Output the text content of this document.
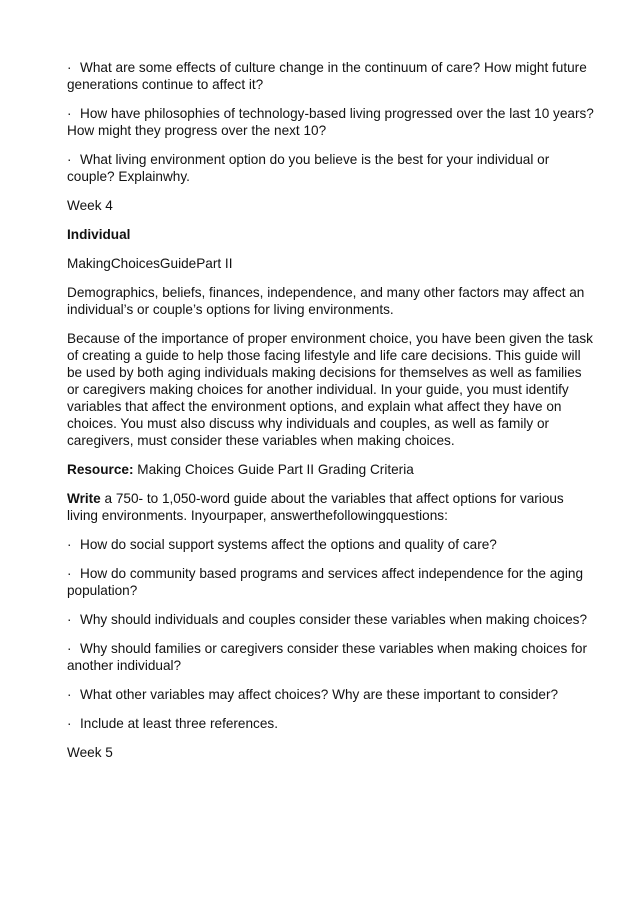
· What are some effects of culture change in the continuum of care? How might future generations continue to affect it?

· How have philosophies of technology-based living progressed over the last 10 years? How might they progress over the next 10?

· What living environment option do you believe is the best for your individual or couple? Explainwhy.

Week 4

Individual

MakingChoicesGuidePart II

Demographics, beliefs, finances, independence, and many other factors may affect an individual’s or couple’s options for living environments.

Because of the importance of proper environment choice, you have been given the task of creating a guide to help those facing lifestyle and life care decisions. This guide will be used by both aging individuals making decisions for themselves as well as families or caregivers making choices for another individual. In your guide, you must identify variables that affect the environment options, and explain what affect they have on choices. You must also discuss why individuals and couples, as well as family or caregivers, must consider these variables when making choices.

Resource: Making Choices Guide Part II Grading Criteria

Write a 750- to 1,050-word guide about the variables that affect options for various living environments. Inyourpaper, answerthefollowingquestions:

· How do social support systems affect the options and quality of care?

· How do community based programs and services affect independence for the aging population?

· Why should individuals and couples consider these variables when making choices?

· Why should families or caregivers consider these variables when making choices for another individual?

· What other variables may affect choices? Why are these important to consider?

· Include at least three references.

Week 5
